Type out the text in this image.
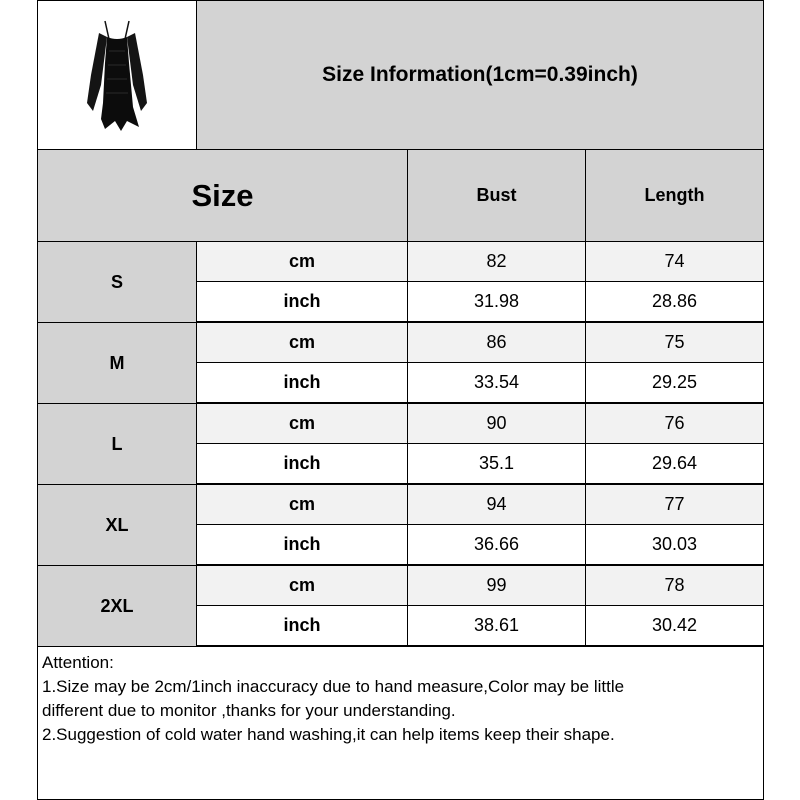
Size Information(1cm=0.39inch)
Size	Bust	Length
S
cm	82	74
inch	31.98	28.86
M
cm	86	75
inch	33.54	29.25
L
cm	90	76
inch	35.1	29.64
XL
cm	94	77
inch	36.66	30.03
2XL
cm	99	78
inch	38.61	30.42
Attention:
1.Size may be 2cm/1inch inaccuracy due to hand measure,Color may be little
different due to monitor ,thanks for your understanding.
2.Suggestion of cold water hand washing,it can help items keep their shape.
